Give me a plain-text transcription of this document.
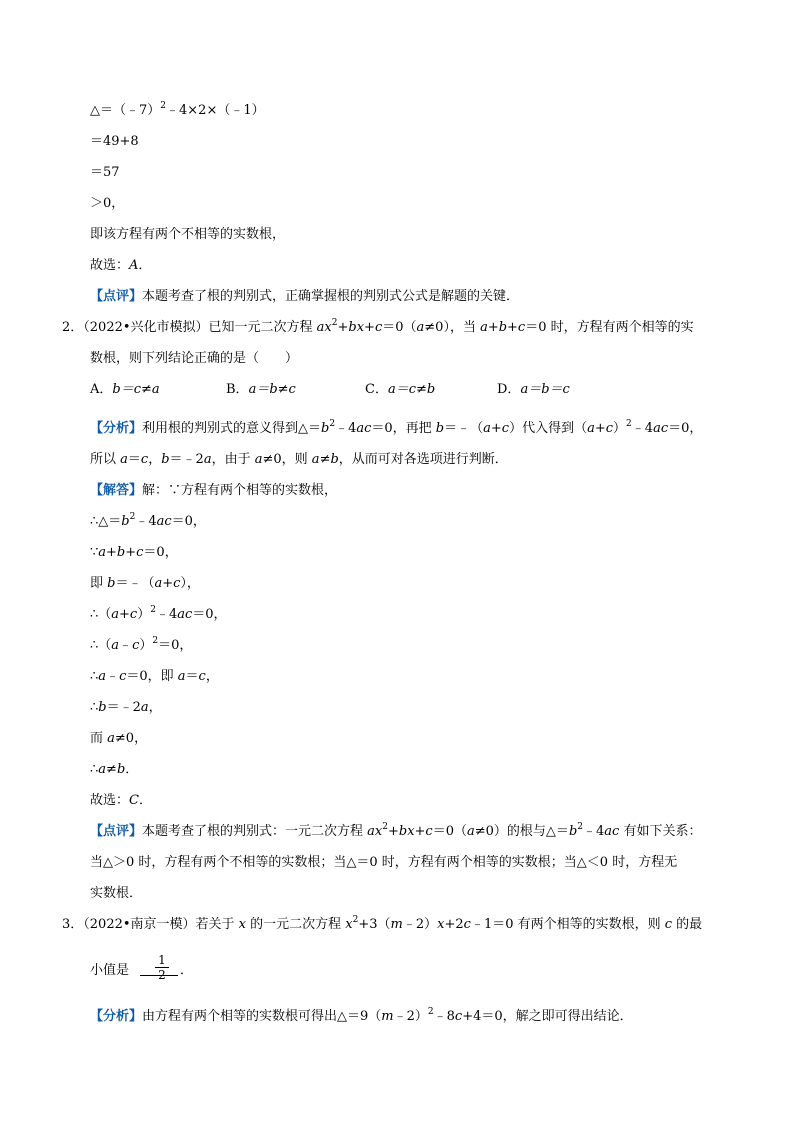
△＝（﹣7）$^2$﹣4×2×（﹣1）
＝49+8
＝57
＞0，
即该方程有两个不相等的实数根，
故选：A．
【点评】本题考查了根的判别式，正确掌握根的判别式公式是解题的关键．
2．（2022•兴化市模拟）已知一元二次方程 $ax^2+bx+c=0(a\ne 0)$，当 a+b+c＝0 时，方程有两个相等的实
数根，则下列结论正确的是（　　）
A．b＝c≠a	B．a＝b≠c	C．a＝c≠b	D．a＝b＝c
【分析】利用根的判别式的意义得到$\triangle=b^2﹣4ac=0$，再把 b＝﹣（a+c）代入得到$(a+c)^2﹣4ac=0$，
所以 a＝c，b＝﹣2a，由于 a≠0，则 a≠b，从而可对各选项进行判断．
【解答】解：∵方程有两个相等的实数根，
$\therefore\triangle=b^2﹣4ac=0$，
∵a+b+c＝0，
即 b＝﹣（a+c），
$\therefore(a+c)^2﹣4ac=0$，
∴（a﹣c）$^2$＝0，
∴a﹣c＝0，即 a＝c，
∴b＝﹣2a，
而 a≠0，
∴a≠b．
故选：C．
【点评】本题考查了根的判别式：一元二次方程 $ax^2+bx+c=0(a\ne 0)$的根与$\triangle=b^2﹣4ac$ 有如下关系：
当△＞0 时，方程有两个不相等的实数根；当△＝0 时，方程有两个相等的实数根；当△＜0 时，方程无
实数根．
3．（2022•南京一模）若关于 x 的一元二次方程 $x^2+3(m﹣2)x+2c﹣1=0$ 有两个相等的实数根，则 c 的最
小值是
1
．
【分析】由方程有两个相等的实数根可得出△＝9（m﹣2）$^2$﹣8c+4＝0，解之即可得出结论．
